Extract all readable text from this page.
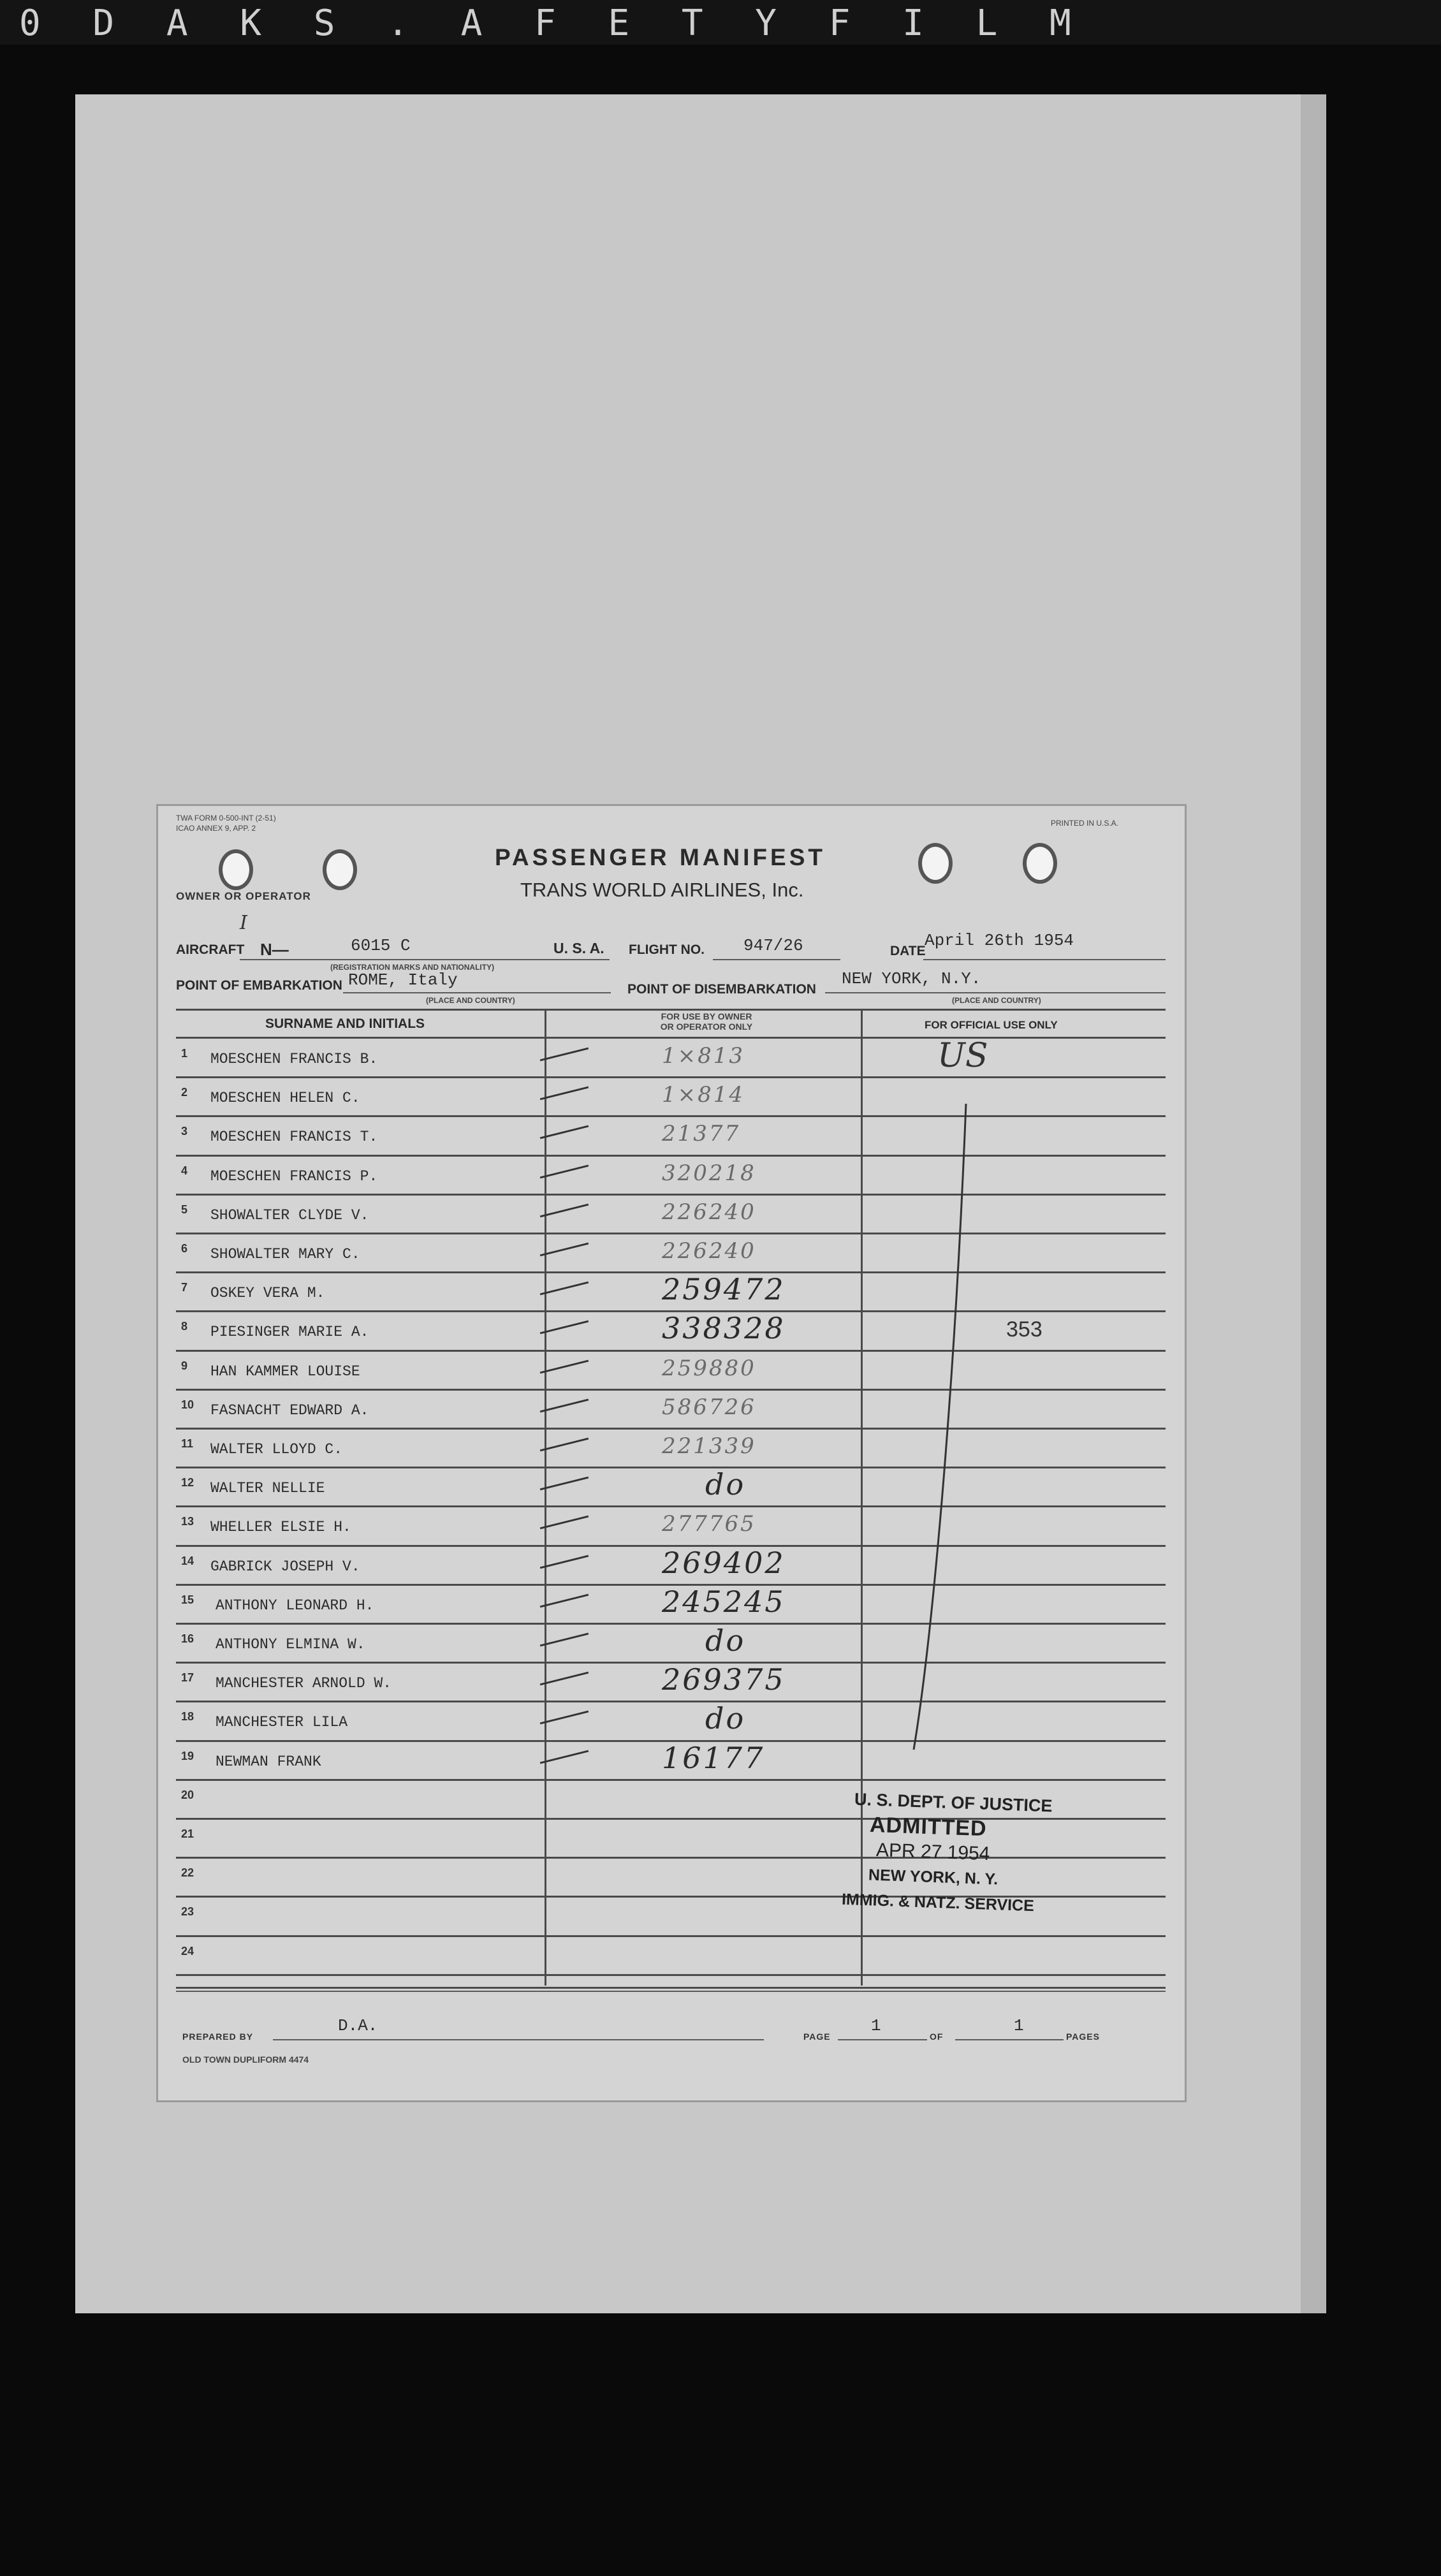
0 D A K S . A F E T Y F I L M
TWA FORM 0-500-INT (2-51)
ICAO ANNEX 9, APP. 2
PRINTED IN U.S.A.
PASSENGER MANIFEST
TRANS WORLD AIRLINES, Inc.
OWNER OR OPERATOR
I
AIRCRAFT N—	6015 C
(REGISTRATION MARKS AND NATIONALITY)
U. S. A. FLIGHT NO. 947/26	DATE
April 26th 1954
POINT OF EMBARKATION ROME, Italy
(PLACE AND COUNTRY)
POINT OF DISEMBARKATION
NEW YORK, N.Y.
(PLACE AND COUNTRY)
SURNAME AND INITIALS	FOR USE BY OWNER
OR OPERATOR ONLY	FOR OFFICIAL USE ONLY
1 MOESCHEN FRANCIS B.	1×813	US
2 MOESCHEN HELEN C.	1×814
3 MOESCHEN FRANCIS T.	21377
4 MOESCHEN FRANCIS P.	320218
5 SHOWALTER CLYDE V.	226240
6 SHOWALTER MARY C.	226240
7 OSKEY VERA M.	259472
8 PIESINGER MARIE A.	338328	353
9 HAN KAMMER LOUISE	259880
10 FASNACHT EDWARD A.	586726
11 WALTER LLOYD C.	221339
12 WALTER NELLIE	do
13 WHELLER ELSIE H.	277765
14 GABRICK JOSEPH V.	269402
15 ANTHONY LEONARD H.	245245
16 ANTHONY ELMINA W.	do
17 MANCHESTER ARNOLD W.	269375
18 MANCHESTER LILA	do
19 NEWMAN FRANK	16177
20
21
22
23
24
U. S. DEPT. OF JUSTICE
ADMITTED
APR 27 1954
NEW YORK, N. Y.
IMMIG. & NATZ. SERVICE
PREPARED BY
D.A.
PAGE
1
OF
1
PAGES
OLD TOWN DUPLIFORM 4474
